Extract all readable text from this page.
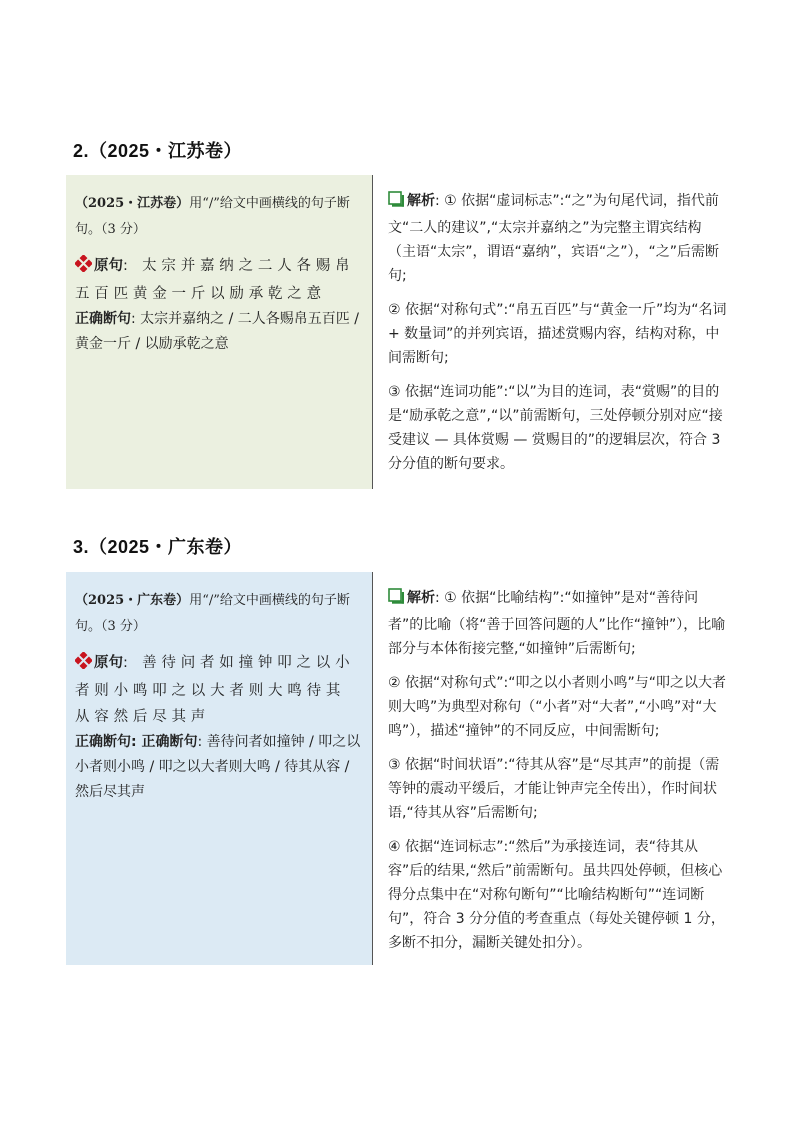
2.（2025・江苏卷）
（2025・江苏卷）用“/”给文中画横线的句子断句。（3 分）
原句: 太宗并嘉纳之二人各赐帛五百匹黄金一斤以励承乾之意
正确断句: 太宗并嘉纳之 / 二人各赐帛五百匹 / 黄金一斤 / 以励承乾之意

解析: ① 依据“虚词标志”:“之”为句尾代词，指代前文“二人的建议”,“太宗并嘉纳之”为完整主谓宾结构（主语“太宗”，谓语“嘉纳”，宾语“之”），“之”后需断句;

② 依据“对称句式”:“帛五百匹”与“黄金一斤”均为“名词 + 数量词”的并列宾语，描述赏赐内容，结构对称，中间需断句;

③ 依据“连词功能”:“以”为目的连词，表“赏赐”的目的是“励承乾之意”,“以”前需断句，三处停顿分别对应“接受建议 — 具体赏赐 — 赏赐目的”的逻辑层次，符合 3 分分值的断句要求。

3.（2025・广东卷）
（2025・广东卷）用“/”给文中画横线的句子断句。（3 分）
原句: 善待问者如撞钟叩之以小者则小鸣叩之以大者则大鸣待其从容然后尽其声
正确断句: 正确断句: 善待问者如撞钟 / 叩之以小者则小鸣 / 叩之以大者则大鸣 / 待其从容 / 然后尽其声

解析: ① 依据“比喻结构”:“如撞钟”是对“善待问者”的比喻（将“善于回答问题的人”比作“撞钟”），比喻部分与本体衔接完整,“如撞钟”后需断句;

② 依据“对称句式”:“叩之以小者则小鸣”与“叩之以大者则大鸣”为典型对称句（“小者”对“大者”,“小鸣”对“大鸣”），描述“撞钟”的不同反应，中间需断句;

③ 依据“时间状语”:“待其从容”是“尽其声”的前提（需等钟的震动平缓后，才能让钟声完全传出），作时间状语,“待其从容”后需断句;

④ 依据“连词标志”:“然后”为承接连词，表“待其从容”后的结果,“然后”前需断句。虽共四处停顿，但核心得分点集中在“对称句断句”“比喻结构断句”“连词断句”，符合 3 分分值的考查重点（每处关键停顿 1 分，多断不扣分，漏断关键处扣分）。
